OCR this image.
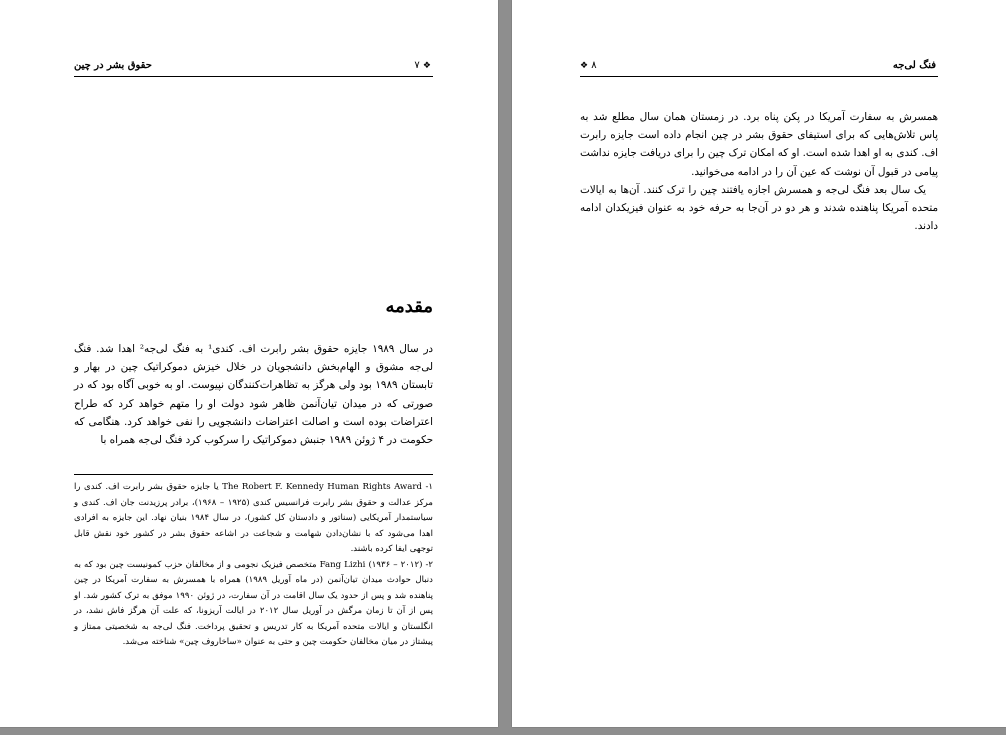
حقوق بشر در چین	۷ ❖
مقدمه
در سال ۱۹۸۹ جایزه حقوق بشر رابرت اف. کندی¹ به فنگ لی‌جه² اهدا شد. فنگ لی‌جه مشوق و الهام‌بخش دانشجویان در خلال خیزش دموکراتیک چین در بهار و تابستان ۱۹۸۹ بود ولی هرگز به تظاهرات‌کنندگان نپیوست. او به خوبی آگاه بود که در صورتی که در میدان تیان‌آنمن ظاهر شود دولت او را متهم خواهد کرد که طراح اعتراضات بوده است و اصالت اعتراضات دانشجویی را نفی خواهد کرد. هنگامی که حکومت در ۴ ژوئن ۱۹۸۹ جنبش دموکراتیک را سرکوب کرد فنگ لی‌جه همراه با

۱- The Robert F. Kennedy Human Rights Award یا جایزه حقوق بشر رابرت اف. کندی را مرکز عدالت و حقوق بشر رابرت فرانسیس کندی (۱۹۲۵ – ۱۹۶۸)، برادر پرزیدنت جان اف. کندی و سیاستمدار آمریکایی (سناتور و دادستان کل کشور)، در سال ۱۹۸۴ بنیان نهاد. این جایزه به افرادی اهدا می‌شود که با نشان‌دادن شهامت و شجاعت در اشاعه حقوق بشر در کشور خود نقش قابل توجهی ایفا کرده باشند.

۲- Fang Lizhi (۱۹۳۶ – ۲۰۱۲) متخصص فیزیک نجومی و از مخالفان حزب کمونیست چین بود که به دنبال حوادث میدان تیان‌آنمن (در ماه آوریل ۱۹۸۹) همراه با همسرش به سفارت آمریکا در چین پناهنده شد و پس از حدود یک سال اقامت در آن سفارت، در ژوئن ۱۹۹۰ موفق به ترک کشور شد. او پس از آن تا زمان مرگش در آوریل سال ۲۰۱۲ در ایالت آریزونا، که علت آن هرگز فاش نشد، در انگلستان و ایالات متحده آمریکا به کار تدریس و تحقیق پرداخت. فنگ لی‌جه به شخصیتی ممتاز و پیشتاز در میان مخالفان حکومت چین و حتی به عنوان «ساخاروف چین» شناخته می‌شد.

فنگ لی‌جه
❖ ۸

همسرش به سفارت آمریکا در پکن پناه برد. در زمستان همان سال مطلع شد به پاس تلاش‌هایی که برای استیفای حقوق بشر در چین انجام داده است جایزه رابرت اف. کندی به او اهدا شده است. او که امکان ترک چین را برای دریافت جایزه نداشت پیامی در قبول آن نوشت که عین آن را در ادامه می‌خوانید.

یک سال بعد فنگ لی‌جه و همسرش اجازه یافتند چین را ترک کنند. آن‌ها به ایالات متحده آمریکا پناهنده شدند و هر دو در آن‌جا به حرفه خود به عنوان فیزیکدان ادامه دادند.
